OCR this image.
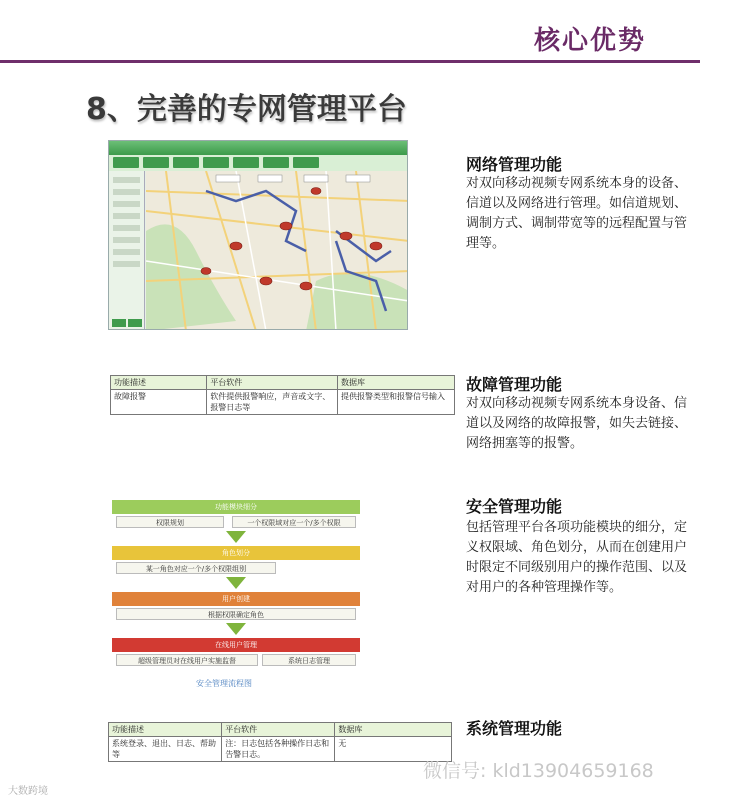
核心优势
8、完善的专网管理平台
功能描述	平台软件	数据库
故障报警	软件提供报警响应，声音或文字、报警日志等	提供报警类型和报警信号输入
功能模块细分
权限规划	一个权限域对应一个/多个权限
角色划分
某一角色对应一个/多个权限组别
用户创建
根据权限确定角色
在线用户管理
超级管理员对在线用户实施监督	系统日志管理
安全管理流程图
功能描述	平台软件	数据库
系统登录、退出、日志、帮助等	注：日志包括各种操作日志和告警日志。	无
网络管理功能
对双向移动视频专网系统本身的设备、信道以及网络进行管理。如信道规划、调制方式、调制带宽等的远程配置与管理等。
故障管理功能
对双向移动视频专网系统本身设备、信道以及网络的故障报警，如失去链接、网络拥塞等的报警。
安全管理功能
包括管理平台各项功能模块的细分，定义权限域、角色划分，从而在创建用户时限定不同级别用户的操作范围、以及对用户的各种管理操作等。
系统管理功能
大数跨境
微信号: kld13904659168
